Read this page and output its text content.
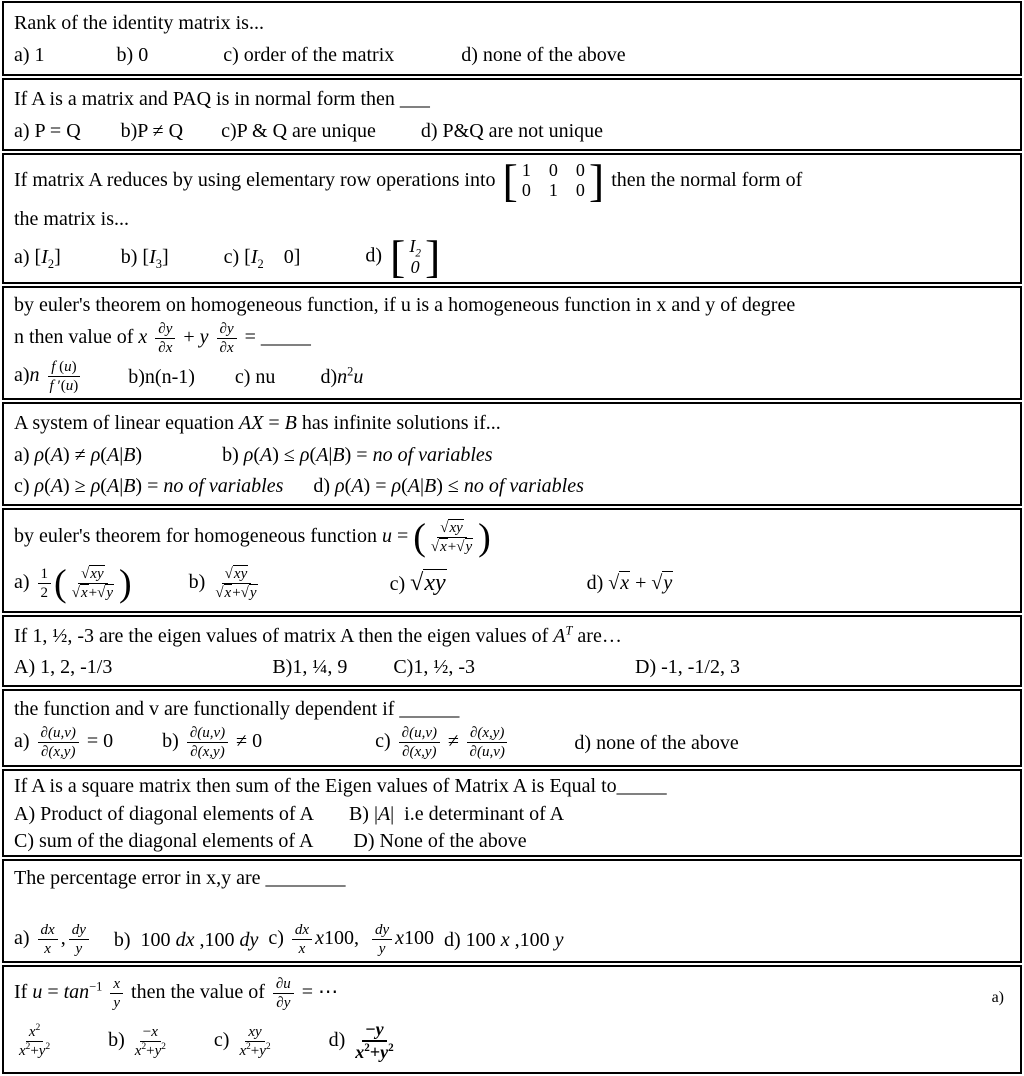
Rank of the identity matrix is...
a) 1	b) 0	c) order of the matrix	d) none of the above
If A is a matrix and PAQ is in normal form then ___
a) P = Q b)P ≠ Q c)P & Q are unique d) P&Q are not unique
If matrix A reduces by using elementary row operations into [ 1 0 0
0 1 0 ] then the normal form of
the matrix is...
a) $[I_2]$	b) $[I_3]$	c) [$I_2$    0]	d) [ $I_2$
0 ]
by euler's theorem on homogeneous function, if u is a homogeneous function in x and y of degree
n then value of x $\frac{\partial y}{\partial x} + y \frac{\partial y}{\partial x}$ = _____
$a)n \frac{f (u)}{f '(u)} b)n(n-1)$ c) nu $d)n^2u$
A system of linear equation AX = B has infinite solutions if...
a) ρ(A) ≠ ρ(A|B)	b) ρ(A) ≤ ρ(A|B) = no of variables
c) ρ(A) ≥ ρ(A|B) = no of variables d) ρ(A) = ρ(A|B) ≤ no of variables
by euler's theorem for homogeneous function u = ( $\frac{√xy}{√x+√y}$ )
$a) \frac{1}{2}$ ( $\frac{√xy}{√x+√y}$ )	$b) \frac{√xy}{√x+√y}$	c) √xy	d) √x + √y
If 1, ½, -3 are the eigen values of matrix A then the eigen values of $A^T$ are…
A) 1, 2, -1/3	B)1, ¼, 9 C)1, ½, -3	D) -1, -1/2, 3
the function and v are functionally dependent if ______
$a) \frac{\partial(u,v)}{\partial(x,y)} = 0$ $b) \frac{\partial(u,v)}{\partial(x,y)} \ne 0$	$c) \frac{\partial(u,v)}{\partial(x,y)} \ne \frac{\partial(x,y)}{\partial(u,v)}$	d) none of the above
If A is a square matrix then sum of the Eigen values of Matrix A is Equal to_____
A) Product of diagonal elements of A B) |A|  i.e determinant of A
C) sum of the diagonal elements of A D) None of the above
The percentage error in x,y are ________
$a) \frac{dx}{x}$ , $\frac{dy}{y} b$)  100 dx ,100 dy $c) \frac{dx}{x} x100$, $\frac{dy}{y} x100$ d) 100 x ,100 y
a)
If $u = \tan^{-1} \frac{x}{y}$ then the value of $\frac{\partial u}{\partial y}$ = ⋯
$\frac{x^2}{x^2+y^2}$	$b) \frac{-x}{x^2+y^2} c) \frac{xy}{x^2+y^2}$	$d) \frac{-y}{x^2+y^2}$
